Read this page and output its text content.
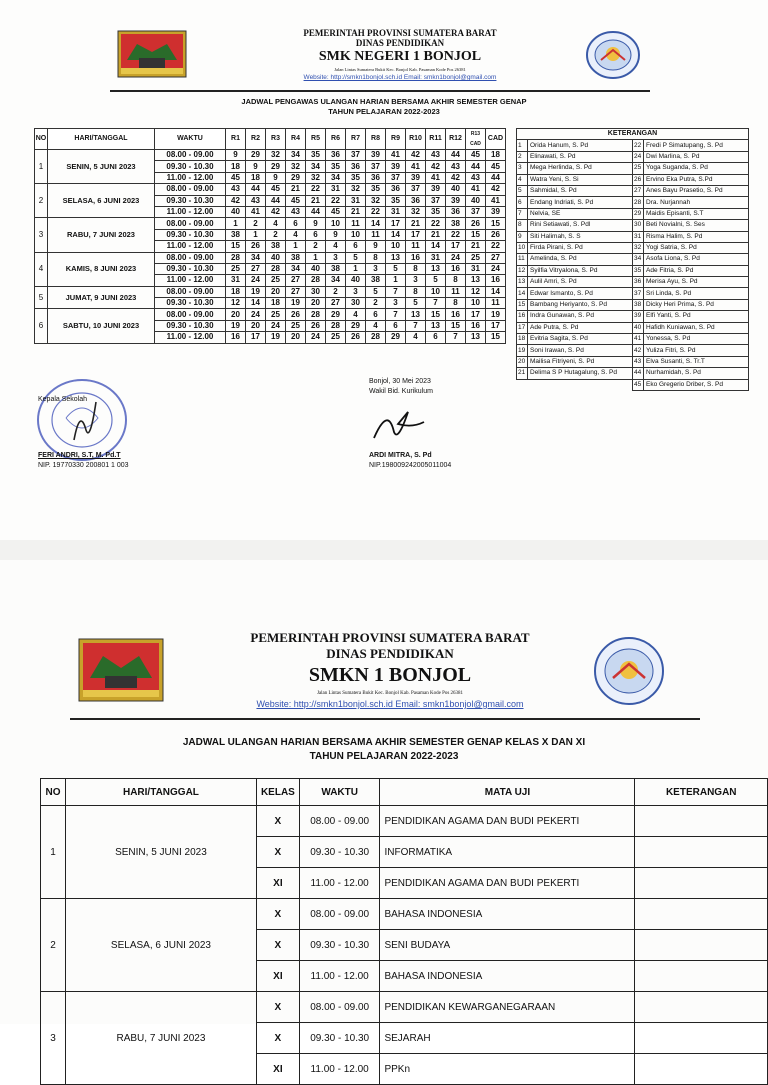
PEMERINTAH PROVINSI SUMATERA BARAT
DINAS PENDIDIKAN
SMK NEGERI 1 BONJOL
Jalan Lintas Sumatera Bukit Kec. Bonjol Kab. Pasaman Kode Pos 26381
Website: http://smkn1bonjol.sch.id Email: smkn1bonjol@gmail.com
JADWAL PENGAWAS ULANGAN HARIAN BERSAMA AKHIR SEMESTER GENAP
TAHUN PELAJARAN 2022-2023
NO	HARI/TANGGAL	WAKTU	R1	R2	R3	R4	R5	R6	R7	R8	R9	R10	R11	R12	R13 CAD	CAD
1	SENIN, 5 JUNI 2023	08.00 - 09.00	9	29	32	34	35	36	37	39	41	42	43	44	45	18
		09.30 - 10.30	18	9	29	32	34	35	36	37	39	41	42	43	44	45
		11.00 - 12.00	45	18	9	29	32	34	35	36	37	39	41	42	43	44
2	SELASA, 6 JUNI 2023	08.00 - 09.00	43	44	45	21	22	31	32	35	36	37	39	40	41	42
		09.30 - 10.30	42	43	44	45	21	22	31	32	35	36	37	39	40	41
		11.00 - 12.00	40	41	42	43	44	45	21	22	31	32	35	36	37	39
3	RABU, 7 JUNI 2023	08.00 - 09.00	1	2	4	6	9	10	11	14	17	21	22	38	26	15
		09.30 - 10.30	38	1	2	4	6	9	10	11	14	17	21	22	15	26
		11.00 - 12.00	15	26	38	1	2	4	6	9	10	11	14	17	21	22
4	KAMIS, 8 JUNI 2023	08.00 - 09.00	28	34	40	38	1	3	5	8	13	16	31	24	25	27
		09.30 - 10.30	25	27	28	34	40	38	1	3	5	8	13	16	31	24
		11.00 - 12.00	31	24	25	27	28	34	40	38	1	3	5	8	13	16
5	JUMAT, 9 JUNI 2023	08.00 - 09.00	18	19	20	27	30	2	3	5	7	8	10	11	12	14
		09.30 - 10.30	12	14	18	19	20	27	30	2	3	5	7	8	10	11
6	SABTU, 10 JUNI 2023	08.00 - 09.00	20	24	25	26	28	29	4	6	7	13	15	16	17	19
		09.30 - 10.30	19	20	24	25	26	28	29	4	6	7	13	15	16	17
		11.00 - 12.00	16	17	19	20	24	25	26	28	29	4	6	7	13	15
KETERANGAN			
1	Orida Hanum, S. Pd	22	Fredi P Simatupang, S. Pd
2	Elinawati, S. Pd	24	Dwi Marlina, S. Pd
3	Mega Herlinda, S. Pd	25	Yoga Suganda, S. Pd
4	Watra Yeni, S. Si	26	Ervino Eka Putra, S.Pd
5	Sahmidal, S. Pd	27	Anes Bayu Prasetio, S. Pd
6	Endang Indriati, S. Pd	28	Dra. Nurjannah
7	Nelvia, SE	29	Maidis Episanti, S.T
8	Rini Setiawati, S. Pdl	30	Beti Novialni, S. Ses
9	Siti Halimah, S. S	31	Risma Halim, S. Pd
10	Firda Pirani, S. Pd	32	Yogi Satria, S. Pd
11	Amelinda, S. Pd	34	Asofa Liona, S. Pd
12	Syilfia Vitryalona, S. Pd	35	Ade Fitria, S. Pd
13	Aulil Amri, S. Pd	36	Merisa Ayu, S. Pd
14	Edwar Ismanto, S. Pd	37	Sri Linda, S. Pd
15	Bambang Heriyanto, S. Pd	38	Dicky Heri Prima, S. Pd
16	Indra Gunawan, S. Pd	39	Elfi Yanti, S. Pd
17	Ade Putra, S. Pd	40	Hafidh Kuniawan, S. Pd
18	Evitria Sagita, S. Pd	41	Yonessa, S. Pd
19	Soni Irawan, S. Pd	42	Yuliza Fitri, S. Pd
20	Mailisa Fitriyeni, S. Pd	43	Elva Susanti, S. Tr.T
21	Delima S P Hutagalung, S. Pd	44	Nurhamidah, S. Pd
		45	Eko Gregerio Driber, S. Pd
Kepala Sekolah
FERI ANDRI, S.T, M. Pd.T
NIP. 19770330 200801 1 003
Bonjol, 30 Mei 2023
Wakil Bid. Kurikulum
ARDI MITRA, S. Pd
NIP.198009242005011004
PEMERINTAH PROVINSI SUMATERA BARAT
DINAS PENDIDIKAN
SMKN 1 BONJOL
Jalan Lintas Sumatera Bukit Kec. Bonjol Kab. Pasaman Kode Pos 26381
Website: http://smkn1bonjol.sch.id Email: smkn1bonjol@gmail.com
JADWAL ULANGAN HARIAN BERSAMA AKHIR SEMESTER GENAP KELAS X DAN XI
TAHUN PELAJARAN 2022-2023
NO	HARI/TANGGAL	KELAS	WAKTU	MATA UJI	KETERANGAN
1	SENIN, 5 JUNI 2023	X	08.00 - 09.00	PENDIDIKAN AGAMA DAN BUDI PEKERTI	
		X	09.30 - 10.30	INFORMATIKA	
		XI	11.00 - 12.00	PENDIDIKAN AGAMA DAN BUDI PEKERTI	
2	SELASA, 6 JUNI 2023	X	08.00 - 09.00	BAHASA INDONESIA	
		X	09.30 - 10.30	SENI BUDAYA	
		XI	11.00 - 12.00	BAHASA INDONESIA	
3	RABU, 7 JUNI 2023	X	08.00 - 09.00	PENDIDIKAN KEWARGANEGARAAN	
		X	09.30 - 10.30	SEJARAH	
		XI	11.00 - 12.00	PPKn	
